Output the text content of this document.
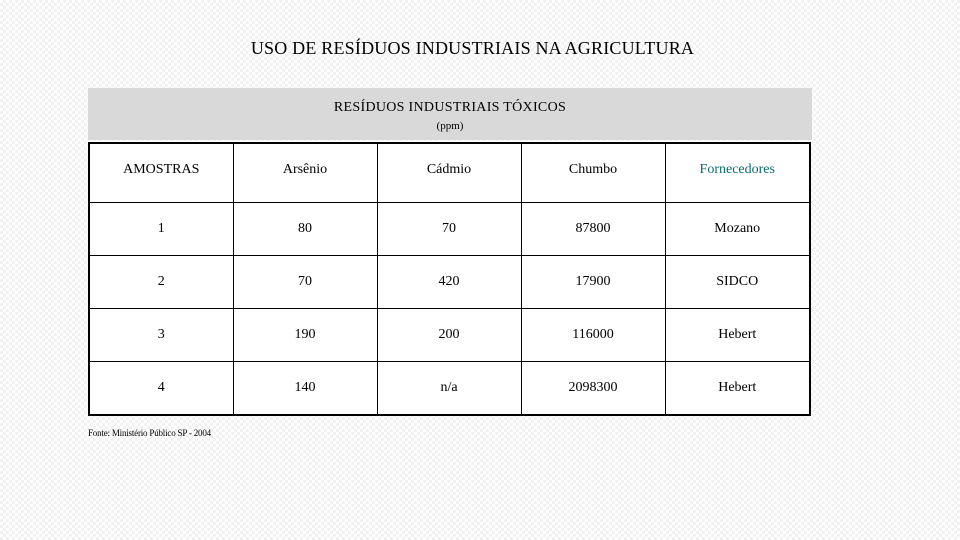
USO DE RESÍDUOS INDUSTRIAIS NA AGRICULTURA
RESÍDUOS INDUSTRIAIS TÓXICOS
(ppm)
AMOSTRAS	Arsênio	Cádmio	Chumbo	Fornecedores
1	80	70	87800	Mozano
2	70	420	17900	SIDCO
3	190	200	116000	Hebert
4	140	n/a	2098300	Hebert
Fonte: Ministério Público SP - 2004
